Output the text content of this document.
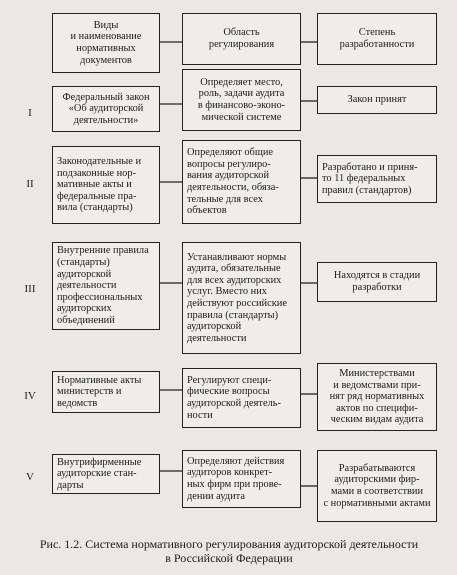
Виды
и наименование
нормативных
документов
Область
регулирования
Степень
разработанности
I
Федеральный закон
«Об аудиторской
деятельности»
Определяет место,
роль, задачи аудита
в финансово-эконо-
мической системе
Закон принят
II
Законодательные и
подзаконные нор-
мативные акты и
федеральные пра-
вила (стандарты)
Определяют общие
вопросы регулиро-
вания аудиторской
деятельности, обяза-
тельные для всех
объектов
Разработано и приня-
то 11 федеральных
правил (стандартов)
III
Внутренние правила
(стандарты) аудиторской
деятельности
профессиональных
аудиторских
объединений
Устанавливают нормы
аудита, обязательные
для всех аудиторских
услуг. Вместо них
действуют российские
правила (стандарты)
аудиторской деятельности
Находятся в стадии
разработки
IV
Нормативные акты
министерств и
ведомств
Регулируют специ-
фические вопросы
аудиторской деятель-
ности
Министерствами
и ведомствами при-
нят ряд нормативных
актов по специфи-
ческим видам аудита
V
Внутрифирменные
аудиторские стан-
дарты
Определяют действия
аудиторов конкрет-
ных фирм при прове-
дении аудита
Разрабатываются
аудиторскими фир-
мами в соответствии
с нормативными актами
Рис. 1.2. Система нормативного регулирования аудиторской деятельности
в Российской Федерации
